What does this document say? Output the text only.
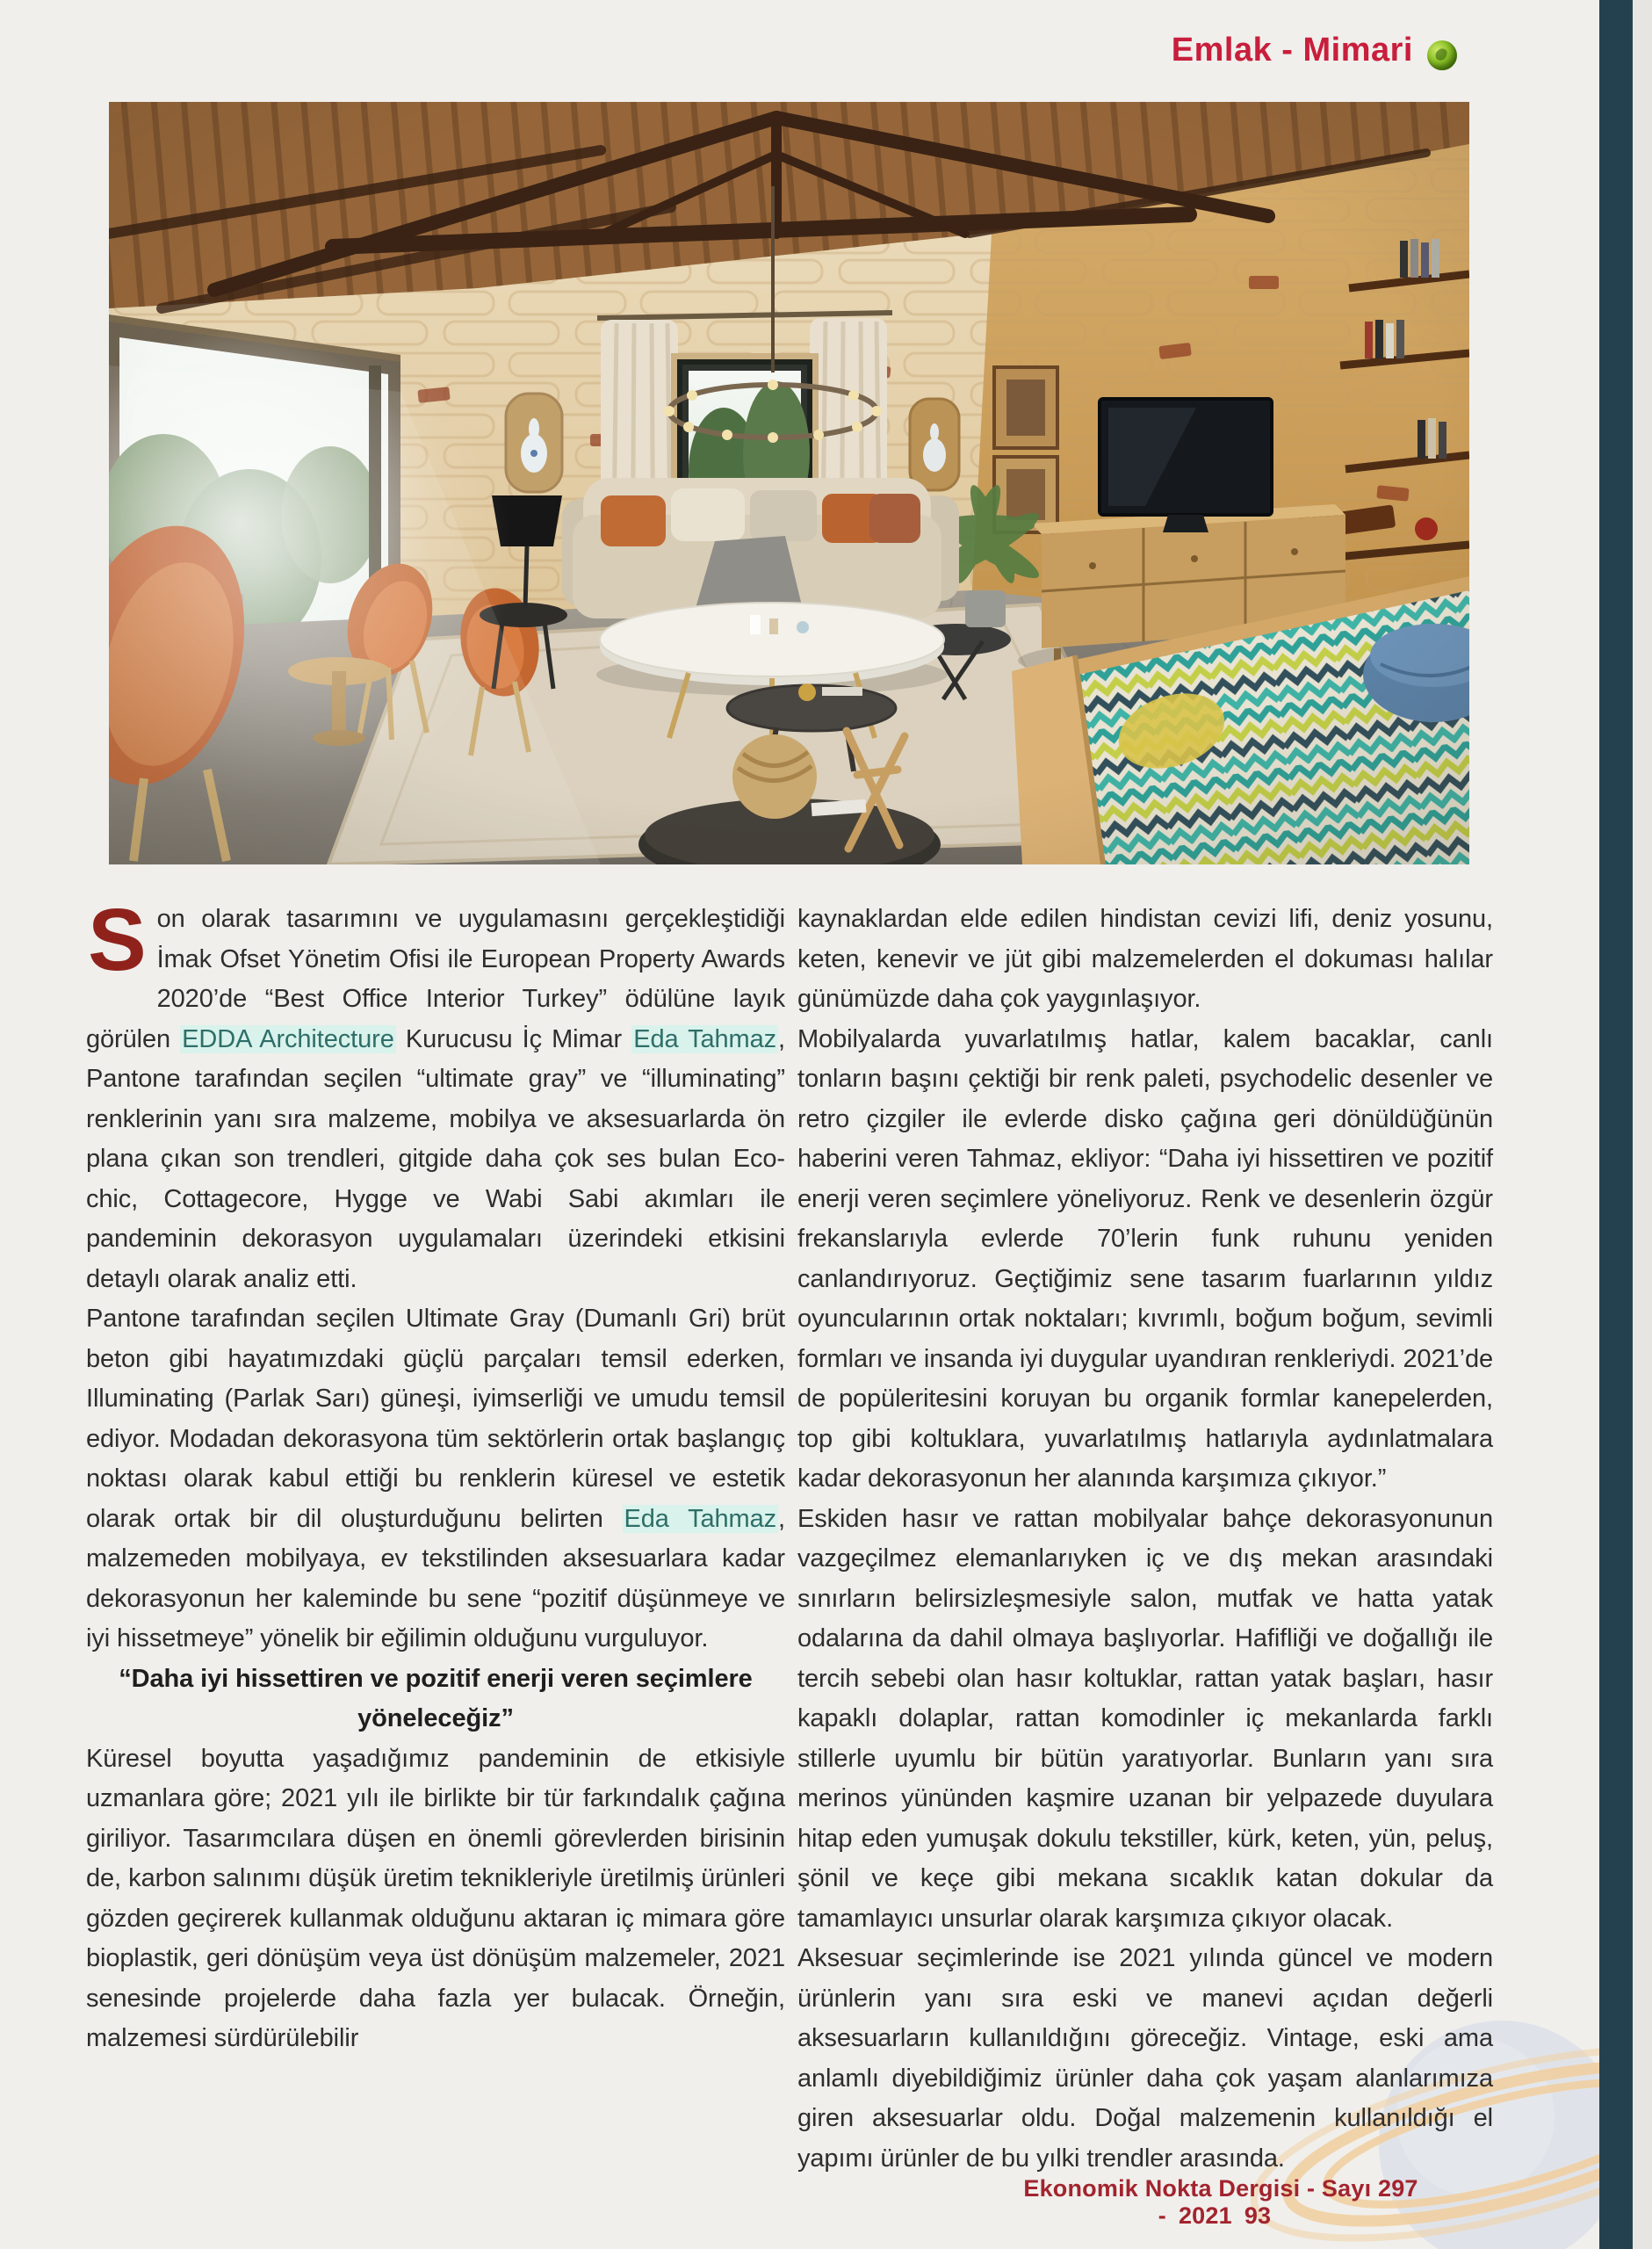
Emlak - Mimari

Son olarak tasarımını ve uygulamasını gerçekleştidiği İmak Ofset Yönetim Ofisi ile European Property Awards 2020’de “Best Office Interior Turkey” ödülüne layık görülen EDDA Architecture Kurucusu İç Mimar Eda Tahmaz, Pantone tarafından seçilen “ultimate gray” ve “illuminating” renklerinin yanı sıra malzeme, mobilya ve aksesuarlarda ön plana çıkan son trendleri, gitgide daha çok ses bulan Eco-chic, Cottagecore, Hygge ve Wabi Sabi akımları ile pandeminin dekorasyon uygulamaları üzerindeki etkisini detaylı olarak analiz etti.

Pantone tarafından seçilen Ultimate Gray (Dumanlı Gri) brüt beton gibi hayatımızdaki güçlü parçaları temsil ederken, Illuminating (Parlak Sarı) güneşi, iyimserliği ve umudu temsil ediyor. Modadan dekorasyona tüm sektörlerin ortak başlangıç noktası olarak kabul ettiği bu renklerin küresel ve estetik olarak ortak bir dil oluşturduğunu belirten Eda Tahmaz, malzemeden mobilyaya, ev tekstilinden aksesuarlara kadar dekorasyonun her kaleminde bu sene “pozitif düşünmeye ve iyi hissetmeye” yönelik bir eğilimin olduğunu vurguluyor.

“Daha iyi hissettiren ve pozitif enerji veren seçimlere yöneleceğiz”

Küresel boyutta yaşadığımız pandeminin de etkisiyle uzmanlara göre; 2021 yılı ile birlikte bir tür farkındalık çağına giriliyor. Tasarımcılara düşen en önemli görevlerden birisinin de, karbon salınımı düşük üretim teknikleriyle üretilmiş ürünleri gözden geçirerek kullanmak olduğunu aktaran iç mimara göre bioplastik, geri dönüşüm veya üst dönüşüm malzemeler, 2021 senesinde projelerde daha fazla yer bulacak. Örneğin, malzemesi sürdürülebilir

kaynaklardan elde edilen hindistan cevizi lifi, deniz yosunu, keten, kenevir ve jüt gibi malzemelerden el dokuması halılar günümüzde daha çok yaygınlaşıyor.

Mobilyalarda yuvarlatılmış hatlar, kalem bacaklar, canlı tonların başını çektiği bir renk paleti, psychodelic desenler ve retro çizgiler ile evlerde disko çağına geri dönüldüğünün haberini veren Tahmaz, ekliyor: “Daha iyi hissettiren ve pozitif enerji veren seçimlere yöneliyoruz. Renk ve desenlerin özgür frekanslarıyla evlerde 70’lerin funk ruhunu yeniden canlandırıyoruz. Geçtiğimiz sene tasarım fuarlarının yıldız oyuncularının ortak noktaları; kıvrımlı, boğum boğum, sevimli formları ve insanda iyi duygular uyandıran renkleriydi. 2021’de de popüleritesini koruyan bu organik formlar kanepelerden, top gibi koltuklara, yuvarlatılmış hatlarıyla aydınlatmalara kadar dekorasyonun her alanında karşımıza çıkıyor.”

Eskiden hasır ve rattan mobilyalar bahçe dekorasyonunun vazgeçilmez elemanlarıyken iç ve dış mekan arasındaki sınırların belirsizleşmesiyle salon, mutfak ve hatta yatak odalarına da dahil olmaya başlıyorlar. Hafifliği ve doğallığı ile tercih sebebi olan hasır koltuklar, rattan yatak başları, hasır kapaklı dolaplar, rattan komodinler iç mekanlarda farklı stillerle uyumlu bir bütün yaratıyorlar. Bunların yanı sıra merinos yününden kaşmire uzanan bir yelpazede duyulara hitap eden yumuşak dokulu tekstiller, kürk, keten, yün, peluş, şönil ve keçe gibi mekana sıcaklık katan dokular da tamamlayıcı unsurlar olarak karşımıza çıkıyor olacak.

Aksesuar seçimlerinde ise 2021 yılında güncel ve modern ürünlerin yanı sıra eski ve manevi açıdan değerli aksesuarların kullanıldığını göreceğiz. Vintage, eski ama anlamlı diyebildiğimiz ürünler daha çok yaşam alanlarımıza giren aksesuarlar oldu. Doğal malzemenin kullanıldığı el yapımı ürünler de bu yılki trendler arasında.

Ekonomik Nokta Dergisi - Sayı 297 - 2021 93
